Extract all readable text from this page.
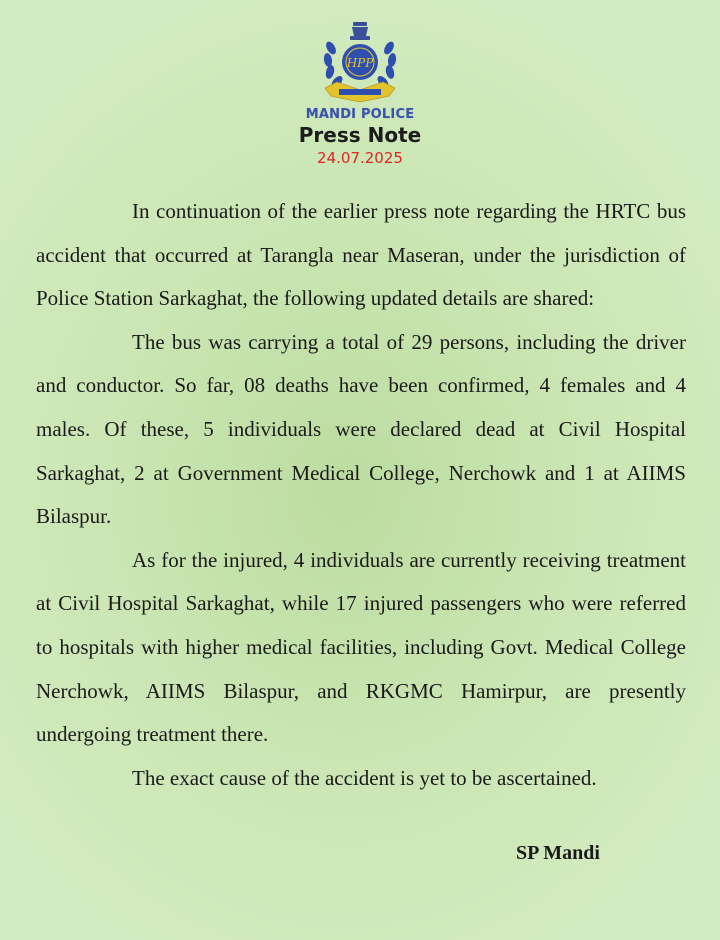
HPP
MANDI POLICE
Press Note
24.07.2025

In continuation of the earlier press note regarding the HRTC bus accident that occurred at Tarangla near Maseran, under the jurisdiction of Police Station Sarkaghat, the following updated details are shared:

The bus was carrying a total of 29 persons, including the driver and conductor. So far, 08 deaths have been confirmed, 4 females and 4 males. Of these, 5 individuals were declared dead at Civil Hospital Sarkaghat, 2 at Government Medical College, Nerchowk and 1 at AIIMS Bilaspur.

As for the injured, 4 individuals are currently receiving treatment at Civil Hospital Sarkaghat, while 17 injured passengers who were referred to hospitals with higher medical facilities, including Govt. Medical College Nerchowk, AIIMS Bilaspur, and RKGMC Hamirpur, are presently undergoing treatment there.

The exact cause of the accident is yet to be ascertained.

SP Mandi
